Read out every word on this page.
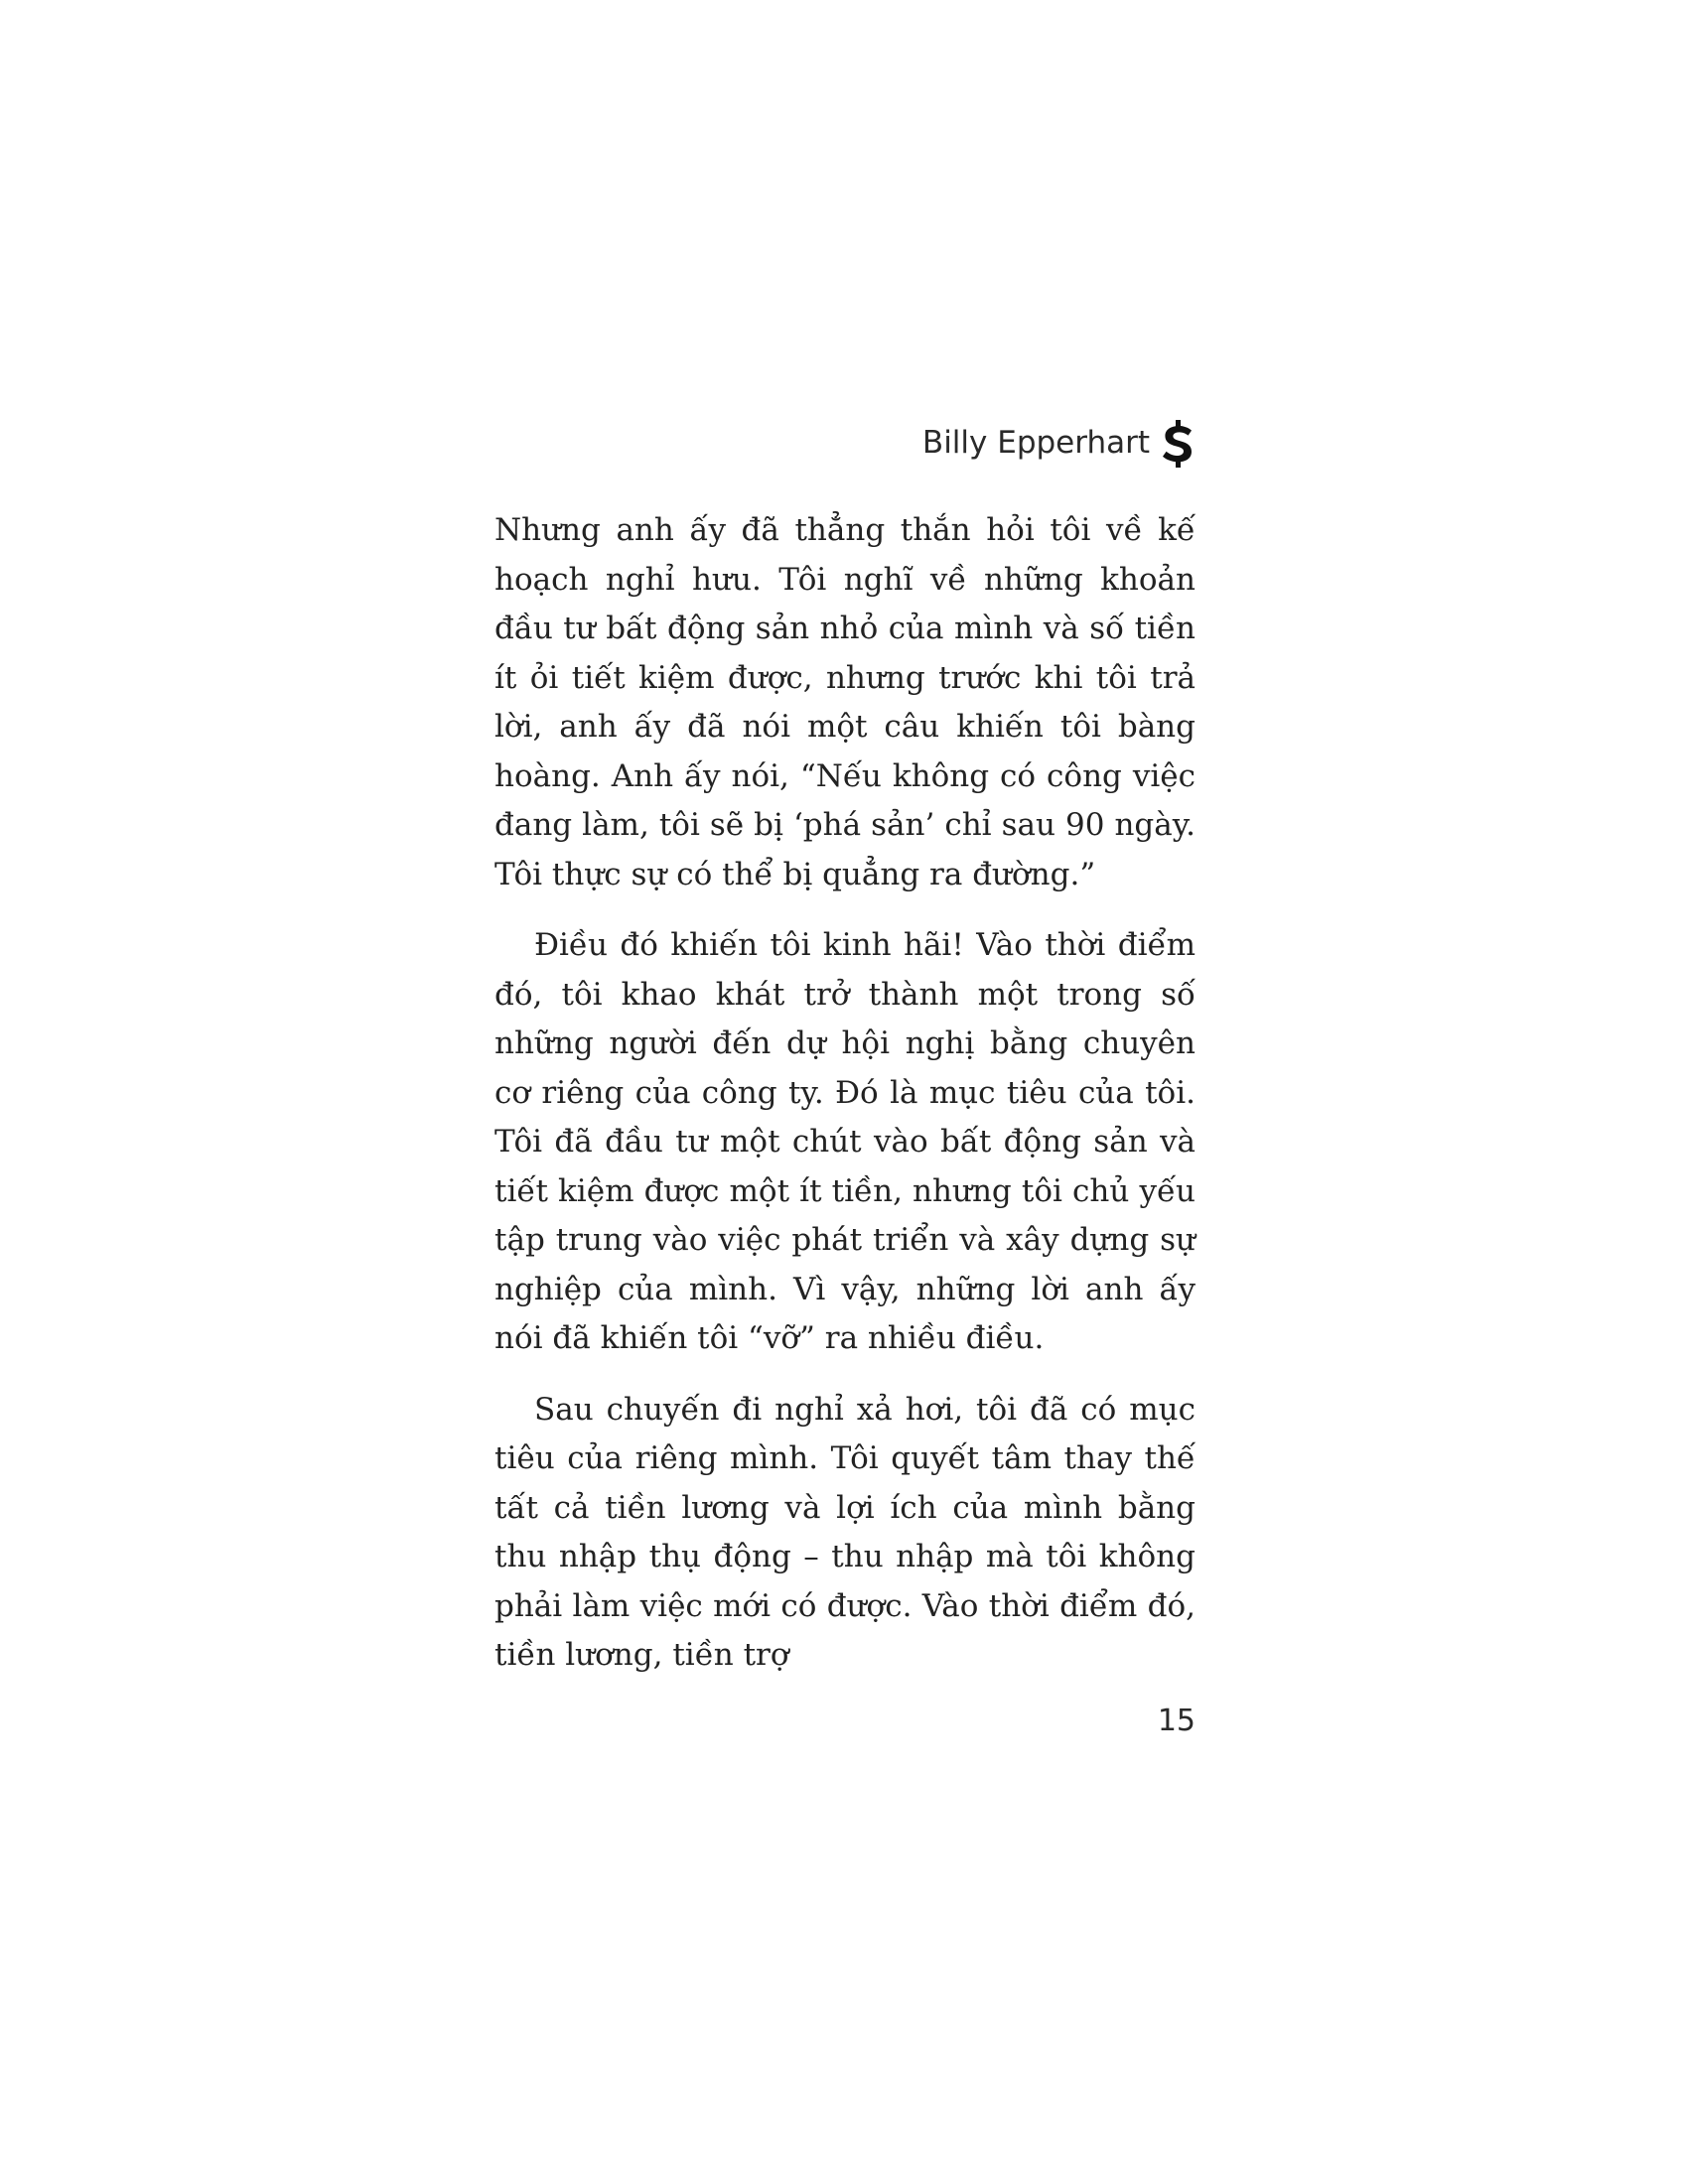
Billy Epperhart

Nhưng anh ấy đã thẳng thắn hỏi tôi về kế hoạch nghỉ hưu. Tôi nghĩ về những khoản đầu tư bất động sản nhỏ của mình và số tiền ít ỏi tiết kiệm được, nhưng trước khi tôi trả lời, anh ấy đã nói một câu khiến tôi bàng hoàng. Anh ấy nói, “Nếu không có công việc đang làm, tôi sẽ bị ‘phá sản’ chỉ sau 90 ngày. Tôi thực sự có thể bị quẳng ra đường.”

Điều đó khiến tôi kinh hãi! Vào thời điểm đó, tôi khao khát trở thành một trong số những người đến dự hội nghị bằng chuyên cơ riêng của công ty. Đó là mục tiêu của tôi. Tôi đã đầu tư một chút vào bất động sản và tiết kiệm được một ít tiền, nhưng tôi chủ yếu tập trung vào việc phát triển và xây dựng sự nghiệp của mình. Vì vậy, những lời anh ấy nói đã khiến tôi “vỡ” ra nhiều điều.

Sau chuyến đi nghỉ xả hơi, tôi đã có mục tiêu của riêng mình. Tôi quyết tâm thay thế tất cả tiền lương và lợi ích của mình bằng thu nhập thụ động – thu nhập mà tôi không phải làm việc mới có được. Vào thời điểm đó, tiền lương, tiền trợ

15
